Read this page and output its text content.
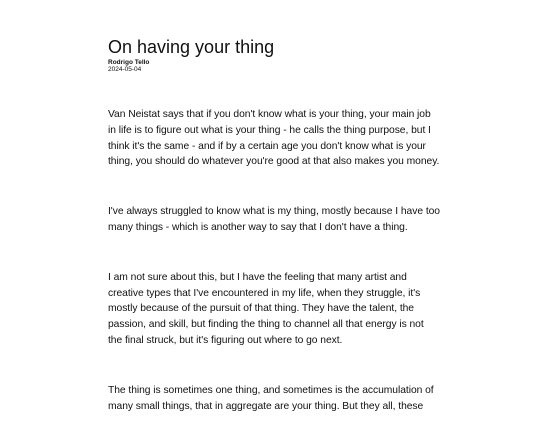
On having your thing
Rodrigo Tello
2024-05-04

Van Neistat says that if you don't know what is your thing, your main job in life is to figure out what is your thing - he calls the thing purpose, but I think it's the same - and if by a certain age you don't know what is your thing, you should do whatever you're good at that also makes you money.

I've always struggled to know what is my thing, mostly because I have too many things - which is another way to say that I don't have a thing.

I am not sure about this, but I have the feeling that many artist and creative types that I've encountered in my life, when they struggle, it's mostly because of the pursuit of that thing. They have the talent, the passion, and skill, but finding the thing to channel all that energy is not the final struck, but it's figuring out where to go next.

The thing is sometimes one thing, and sometimes is the accumulation of many small things, that in aggregate are your thing. But they all, these
